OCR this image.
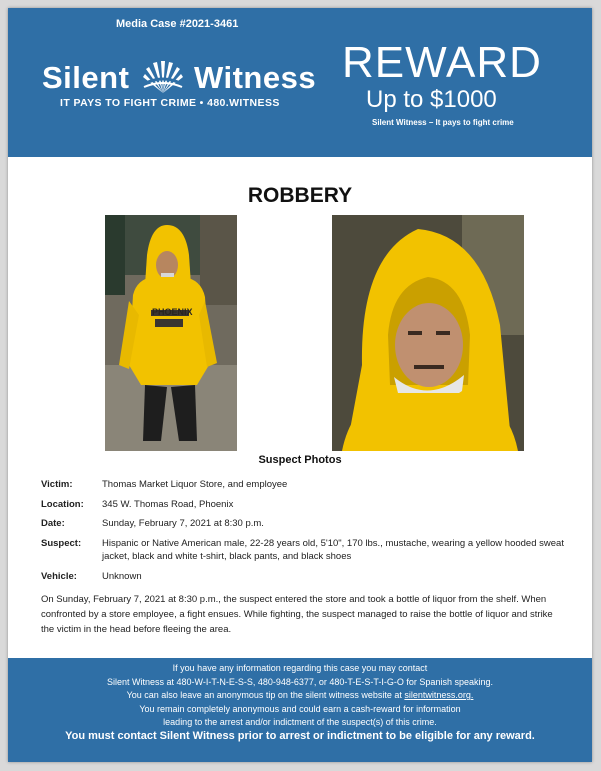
Media Case #2021-3461
Silent Witness
IT PAYS TO FIGHT CRIME • 480.WITNESS
REWARD
Up to $1000
Silent Witness – It pays to fight crime
ROBBERY
PHOENIX
Suspect Photos
Victim:	Thomas Market Liquor Store, and employee
Location: 345 W. Thomas Road, Phoenix
Date:	Sunday, February 7, 2021 at 8:30 p.m.
Suspect: Hispanic or Native American male, 22-28 years old, 5'10", 170 lbs., mustache, wearing a yellow hooded sweat jacket, black and white t-shirt, black pants, and black shoes
Vehicle:	Unknown
On Sunday, February 7, 2021 at 8:30 p.m., the suspect entered the store and took a bottle of liquor from the shelf. When confronted by a store employee, a fight ensues. While fighting, the suspect managed to raise the bottle of liquor and strike the victim in the head before fleeing the area.
If you have any information regarding this case you may contact
Silent Witness at 480-W-I-T-N-E-S-S, 480-948-6377, or 480-T-E-S-T-I-G-O for Spanish speaking.
You can also leave an anonymous tip on the silent witness website at silentwitness.org.
You remain completely anonymous and could earn a cash-reward for information
leading to the arrest and/or indictment of the suspect(s) of this crime.
You must contact Silent Witness prior to arrest or indictment to be eligible for any reward.
